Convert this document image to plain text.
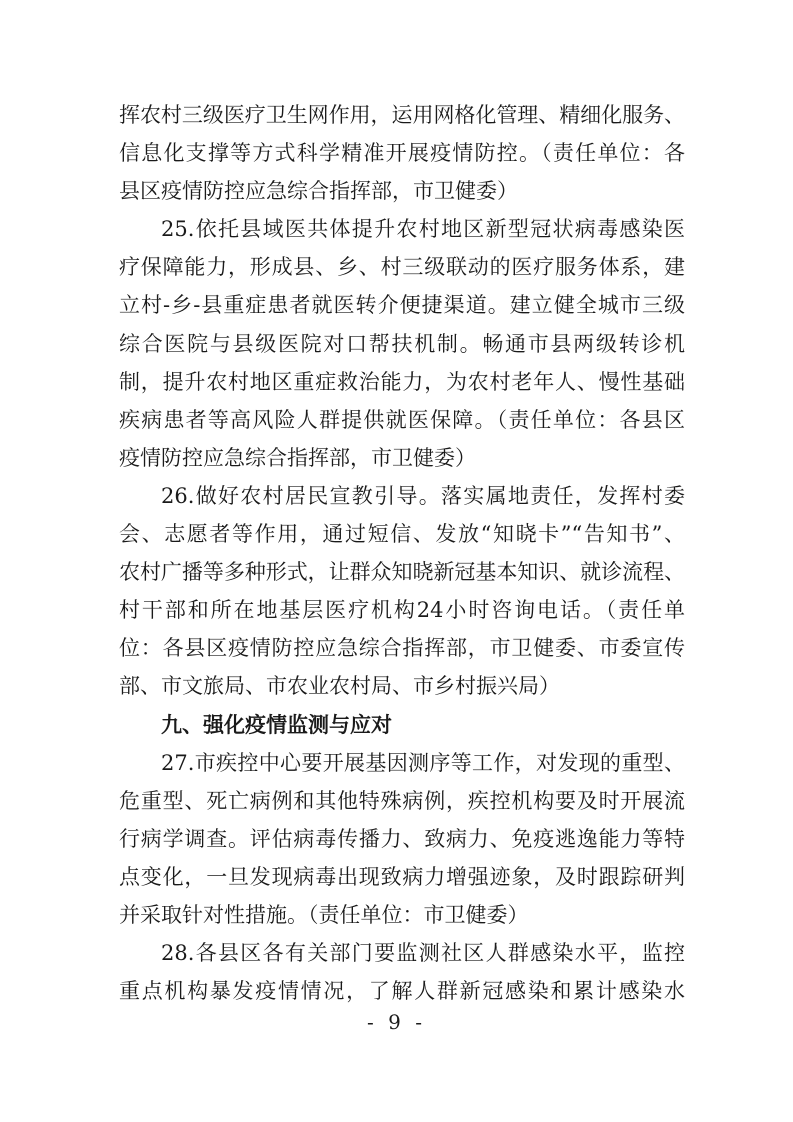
挥农村三级医疗卫生网作用，运用网格化管理、精细化服务、
信息化支撑等方式科学精准开展疫情防控。（责任单位：各
县区疫情防控应急综合指挥部，市卫健委）
25.依托县域医共体提升农村地区新型冠状病毒感染医
疗保障能力，形成县、乡、村三级联动的医疗服务体系，建
立村-乡-县重症患者就医转介便捷渠道。建立健全城市三级
综合医院与县级医院对口帮扶机制。畅通市县两级转诊机
制，提升农村地区重症救治能力，为农村老年人、慢性基础
疾病患者等高风险人群提供就医保障。（责任单位：各县区
疫情防控应急综合指挥部，市卫健委）
26.做好农村居民宣教引导。落实属地责任，发挥村委
会、志愿者等作用，通过短信、发放“知晓卡”“告知书”、
农村广播等多种形式，让群众知晓新冠基本知识、就诊流程、
村干部和所在地基层医疗机构24小时咨询电话。（责任单
位：各县区疫情防控应急综合指挥部，市卫健委、市委宣传
部、市文旅局、市农业农村局、市乡村振兴局）
九、强化疫情监测与应对
27.市疾控中心要开展基因测序等工作，对发现的重型、
危重型、死亡病例和其他特殊病例，疾控机构要及时开展流
行病学调查。评估病毒传播力、致病力、免疫逃逸能力等特
点变化，一旦发现病毒出现致病力增强迹象，及时跟踪研判
并采取针对性措施。（责任单位：市卫健委）
28.各县区各有关部门要监测社区人群感染水平，监控
重点机构暴发疫情情况，了解人群新冠感染和累计感染水
- 9 -
